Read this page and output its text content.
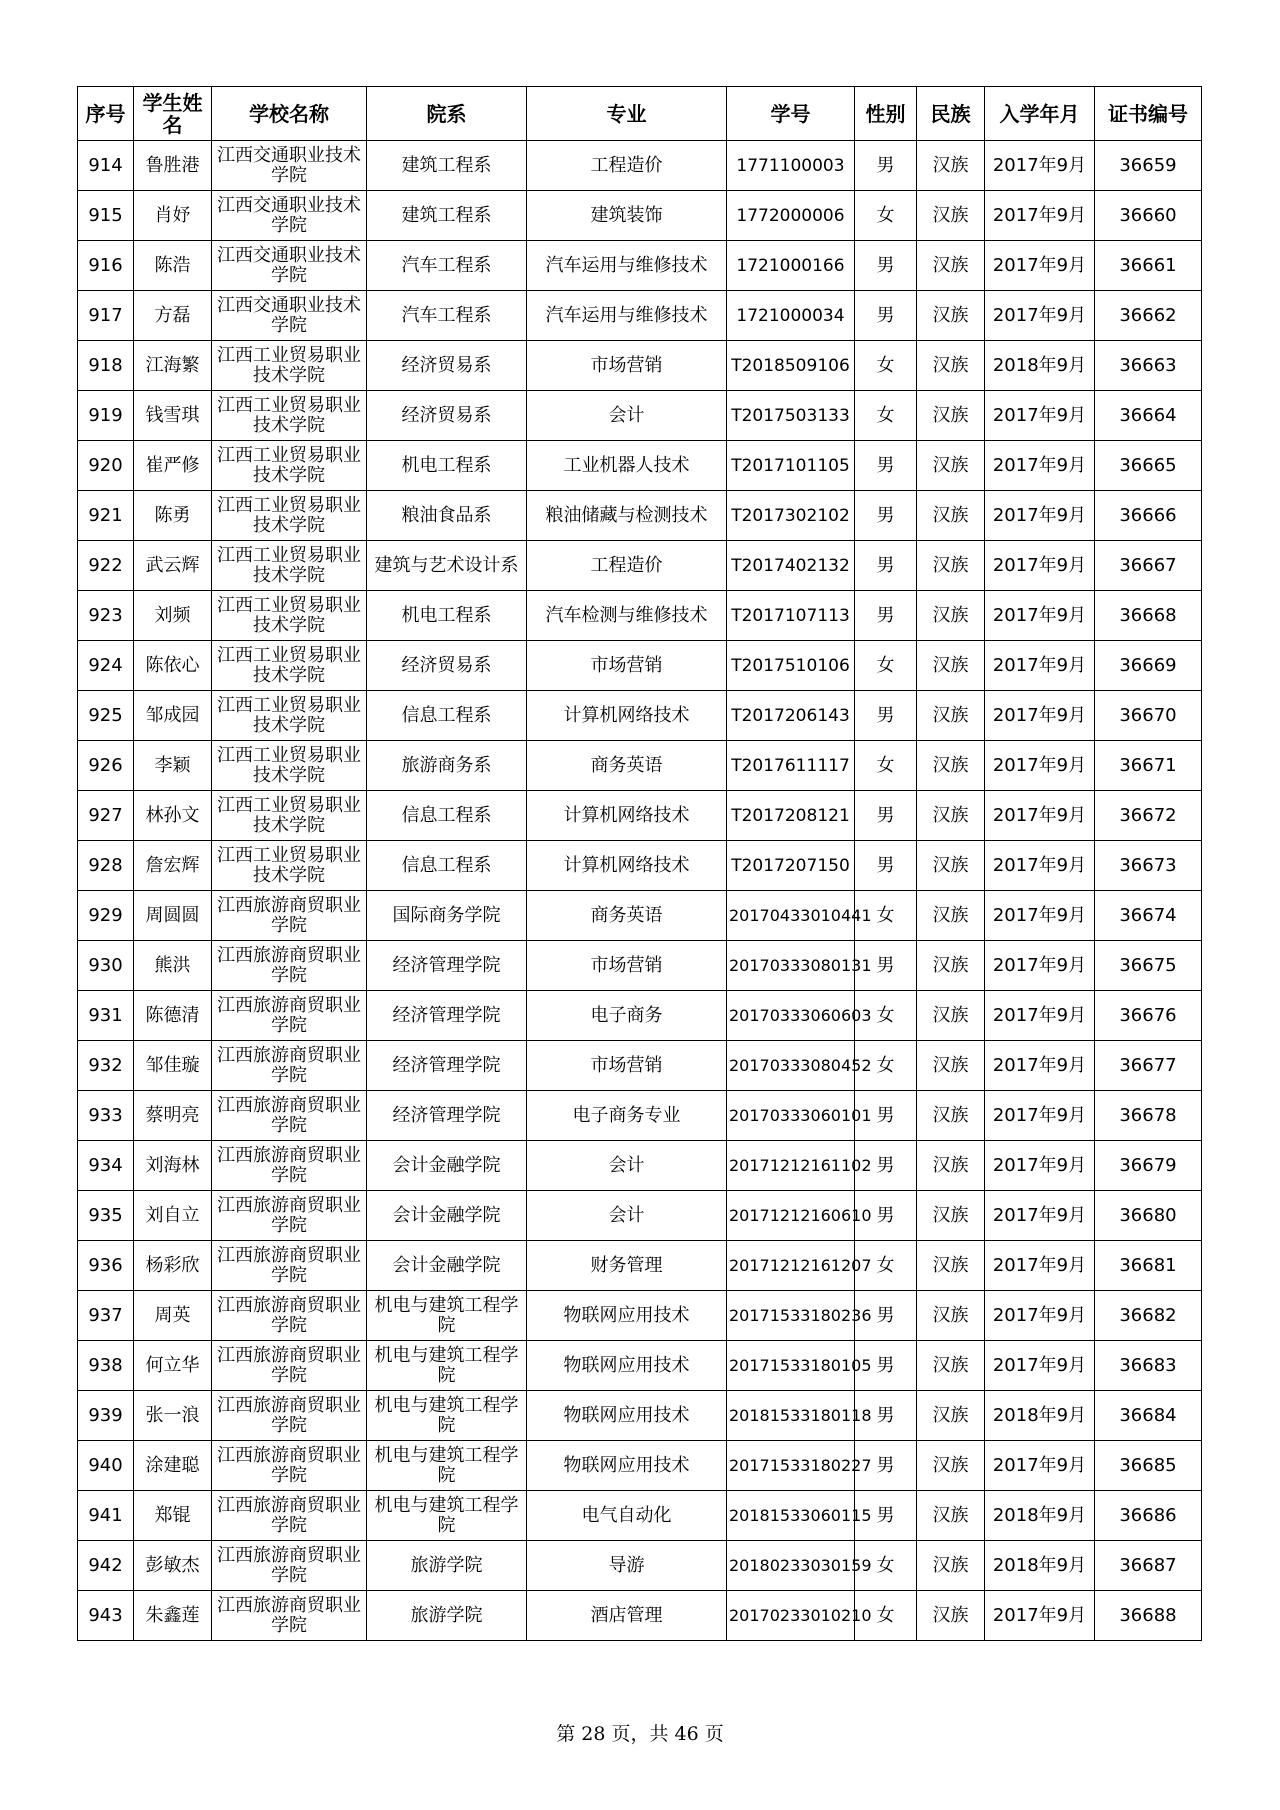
序号	学生姓名	学校名称	院系	专业	学号	性别	民族	入学年月	证书编号
914	鲁胜港	江西交通职业技术学院	建筑工程系	工程造价	1771100003	男	汉族	2017年9月	36659
915	肖妤	江西交通职业技术学院	建筑工程系	建筑装饰	1772000006	女	汉族	2017年9月	36660
916	陈浩	江西交通职业技术学院	汽车工程系	汽车运用与维修技术	1721000166	男	汉族	2017年9月	36661
917	方磊	江西交通职业技术学院	汽车工程系	汽车运用与维修技术	1721000034	男	汉族	2017年9月	36662
918	江海繁	江西工业贸易职业技术学院	经济贸易系	市场营销	T2018509106	女	汉族	2018年9月	36663
919	钱雪琪	江西工业贸易职业技术学院	经济贸易系	会计	T2017503133	女	汉族	2017年9月	36664
920	崔严修	江西工业贸易职业技术学院	机电工程系	工业机器人技术	T2017101105	男	汉族	2017年9月	36665
921	陈勇	江西工业贸易职业技术学院	粮油食品系	粮油储藏与检测技术	T2017302102	男	汉族	2017年9月	36666
922	武云辉	江西工业贸易职业技术学院	建筑与艺术设计系	工程造价	T2017402132	男	汉族	2017年9月	36667
923	刘频	江西工业贸易职业技术学院	机电工程系	汽车检测与维修技术	T2017107113	男	汉族	2017年9月	36668
924	陈依心	江西工业贸易职业技术学院	经济贸易系	市场营销	T2017510106	女	汉族	2017年9月	36669
925	邹成园	江西工业贸易职业技术学院	信息工程系	计算机网络技术	T2017206143	男	汉族	2017年9月	36670
926	李颖	江西工业贸易职业技术学院	旅游商务系	商务英语	T2017611117	女	汉族	2017年9月	36671
927	林孙文	江西工业贸易职业技术学院	信息工程系	计算机网络技术	T2017208121	男	汉族	2017年9月	36672
928	詹宏辉	江西工业贸易职业技术学院	信息工程系	计算机网络技术	T2017207150	男	汉族	2017年9月	36673
929	周圆圆	江西旅游商贸职业学院	国际商务学院	商务英语	20170433010441	女	汉族	2017年9月	36674
930	熊洪	江西旅游商贸职业学院	经济管理学院	市场营销	20170333080131	男	汉族	2017年9月	36675
931	陈德清	江西旅游商贸职业学院	经济管理学院	电子商务	20170333060603	女	汉族	2017年9月	36676
932	邹佳璇	江西旅游商贸职业学院	经济管理学院	市场营销	20170333080452	女	汉族	2017年9月	36677
933	蔡明亮	江西旅游商贸职业学院	经济管理学院	电子商务专业	20170333060101	男	汉族	2017年9月	36678
934	刘海林	江西旅游商贸职业学院	会计金融学院	会计	20171212161102	男	汉族	2017年9月	36679
935	刘自立	江西旅游商贸职业学院	会计金融学院	会计	20171212160610	男	汉族	2017年9月	36680
936	杨彩欣	江西旅游商贸职业学院	会计金融学院	财务管理	20171212161207	女	汉族	2017年9月	36681
937	周英	江西旅游商贸职业学院	机电与建筑工程学院	物联网应用技术	20171533180236	男	汉族	2017年9月	36682
938	何立华	江西旅游商贸职业学院	机电与建筑工程学院	物联网应用技术	20171533180105	男	汉族	2017年9月	36683
939	张一浪	江西旅游商贸职业学院	机电与建筑工程学院	物联网应用技术	20181533180118	男	汉族	2018年9月	36684
940	涂建聪	江西旅游商贸职业学院	机电与建筑工程学院	物联网应用技术	20171533180227	男	汉族	2017年9月	36685
941	郑锟	江西旅游商贸职业学院	机电与建筑工程学院	电气自动化	20181533060115	男	汉族	2018年9月	36686
942	彭敏杰	江西旅游商贸职业学院	旅游学院	导游	20180233030159	女	汉族	2018年9月	36687
943	朱鑫莲	江西旅游商贸职业学院	旅游学院	酒店管理	20170233010210	女	汉族	2017年9月	36688
第 28 页，共 46 页
